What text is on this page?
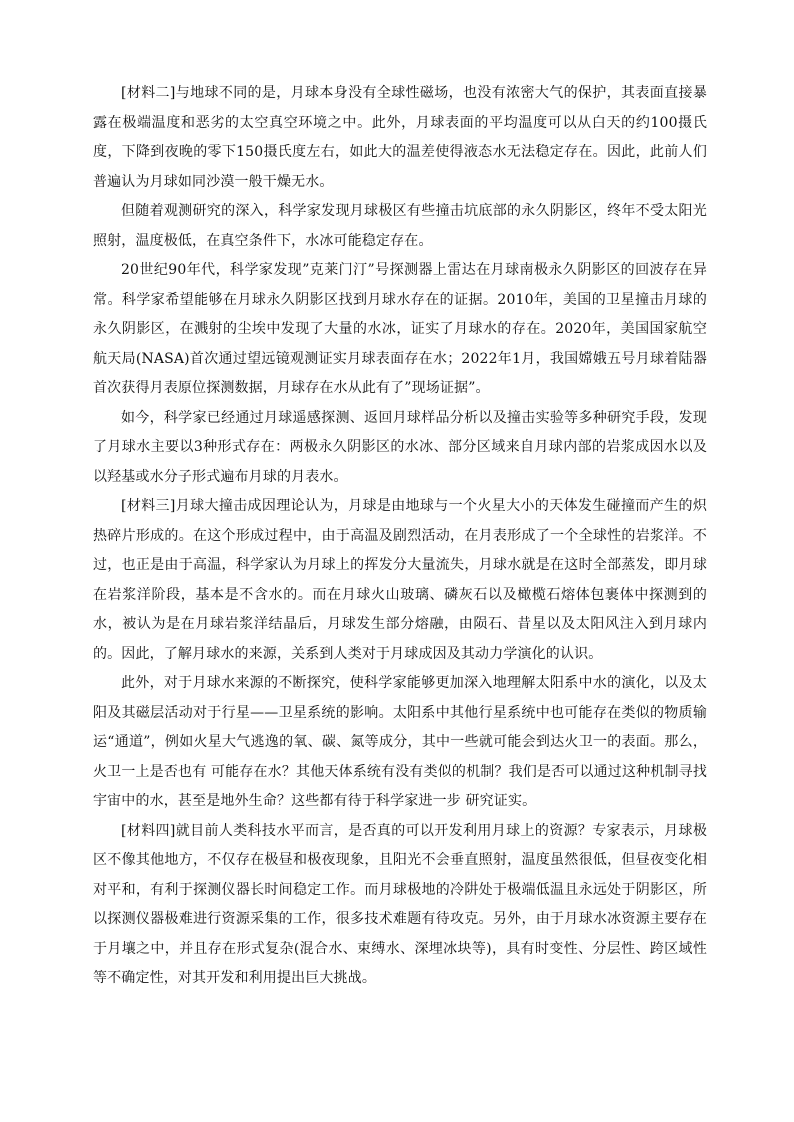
[材料二]与地球不同的是，月球本身没有全球性磁场，也没有浓密大气的保护，其表面直接暴露在极端温度和恶劣的太空真空环境之中。此外，月球表面的平均温度可以从白天的约100摄氏度，下降到夜晚的零下150摄氏度左右，如此大的温差使得液态水无法稳定存在。因此，此前人们普遍认为月球如同沙漠一般干燥无水。

但随着观测研究的深入，科学家发现月球极区有些撞击坑底部的永久阴影区，终年不受太阳光照射，温度极低，在真空条件下，水冰可能稳定存在。

20世纪90年代，科学家发现”克莱门汀”号探测器上雷达在月球南极永久阴影区的回波存在异常。科学家希望能够在月球永久阴影区找到月球水存在的证据。2010年，美国的卫星撞击月球的永久阴影区，在溅射的尘埃中发现了大量的水冰，证实了月球水的存在。2020年，美国国家航空航天局(NASA)首次通过望远镜观测证实月球表面存在水；2022年1月，我国嫦娥五号月球着陆器首次获得月表原位探测数据，月球存在水从此有了”现场证据”。

如今，科学家已经通过月球遥感探测、返回月球样品分析以及撞击实验等多种研究手段，发现了月球水主要以3种形式存在：两极永久阴影区的水冰、部分区域来自月球内部的岩浆成因水以及以羟基或水分子形式遍布月球的月表水。

[材料三]月球大撞击成因理论认为，月球是由地球与一个火星大小的天体发生碰撞而产生的炽热碎片形成的。在这个形成过程中，由于高温及剧烈活动，在月表形成了一个全球性的岩浆洋。不过，也正是由于高温，科学家认为月球上的挥发分大量流失，月球水就是在这时全部蒸发，即月球在岩浆洋阶段，基本是不含水的。而在月球火山玻璃、磷灰石以及橄榄石熔体包裹体中探测到的水，被认为是在月球岩浆洋结晶后，月球发生部分熔融，由陨石、昔星以及太阳风注入到月球内的。因此，了解月球水的来源，关系到人类对于月球成因及其动力学演化的认识。

此外，对于月球水来源的不断探究，使科学家能够更加深入地理解太阳系中水的演化，以及太阳及其磁层活动对于行星——卫星系统的影响。太阳系中其他行星系统中也可能存在类似的物质输运“通道”，例如火星大气逃逸的氧、碳、氮等成分，其中一些就可能会到达火卫一的表面。那么，火卫一上是否也有 可能存在水？其他天体系统有没有类似的机制？我们是否可以通过这种机制寻找宇宙中的水，甚至是地外生命？这些都有待于科学家进一步 研究证实。

[材料四]就目前人类科技水平而言，是否真的可以开发利用月球上的资源？专家表示，月球极区不像其他地方，不仅存在极昼和极夜现象，且阳光不会垂直照射，温度虽然很低，但昼夜变化相对平和，有利于探测仪器长时间稳定工作。而月球极地的冷阱处于极端低温且永远处于阴影区，所以探测仪器极难进行资源采集的工作，很多技术难题有待攻克。另外，由于月球水冰资源主要存在于月壤之中，并且存在形式复杂(混合水、束缚水、深埋冰块等)，具有时变性、分层性、跨区域性等不确定性，对其开发和利用提出巨大挑战。
